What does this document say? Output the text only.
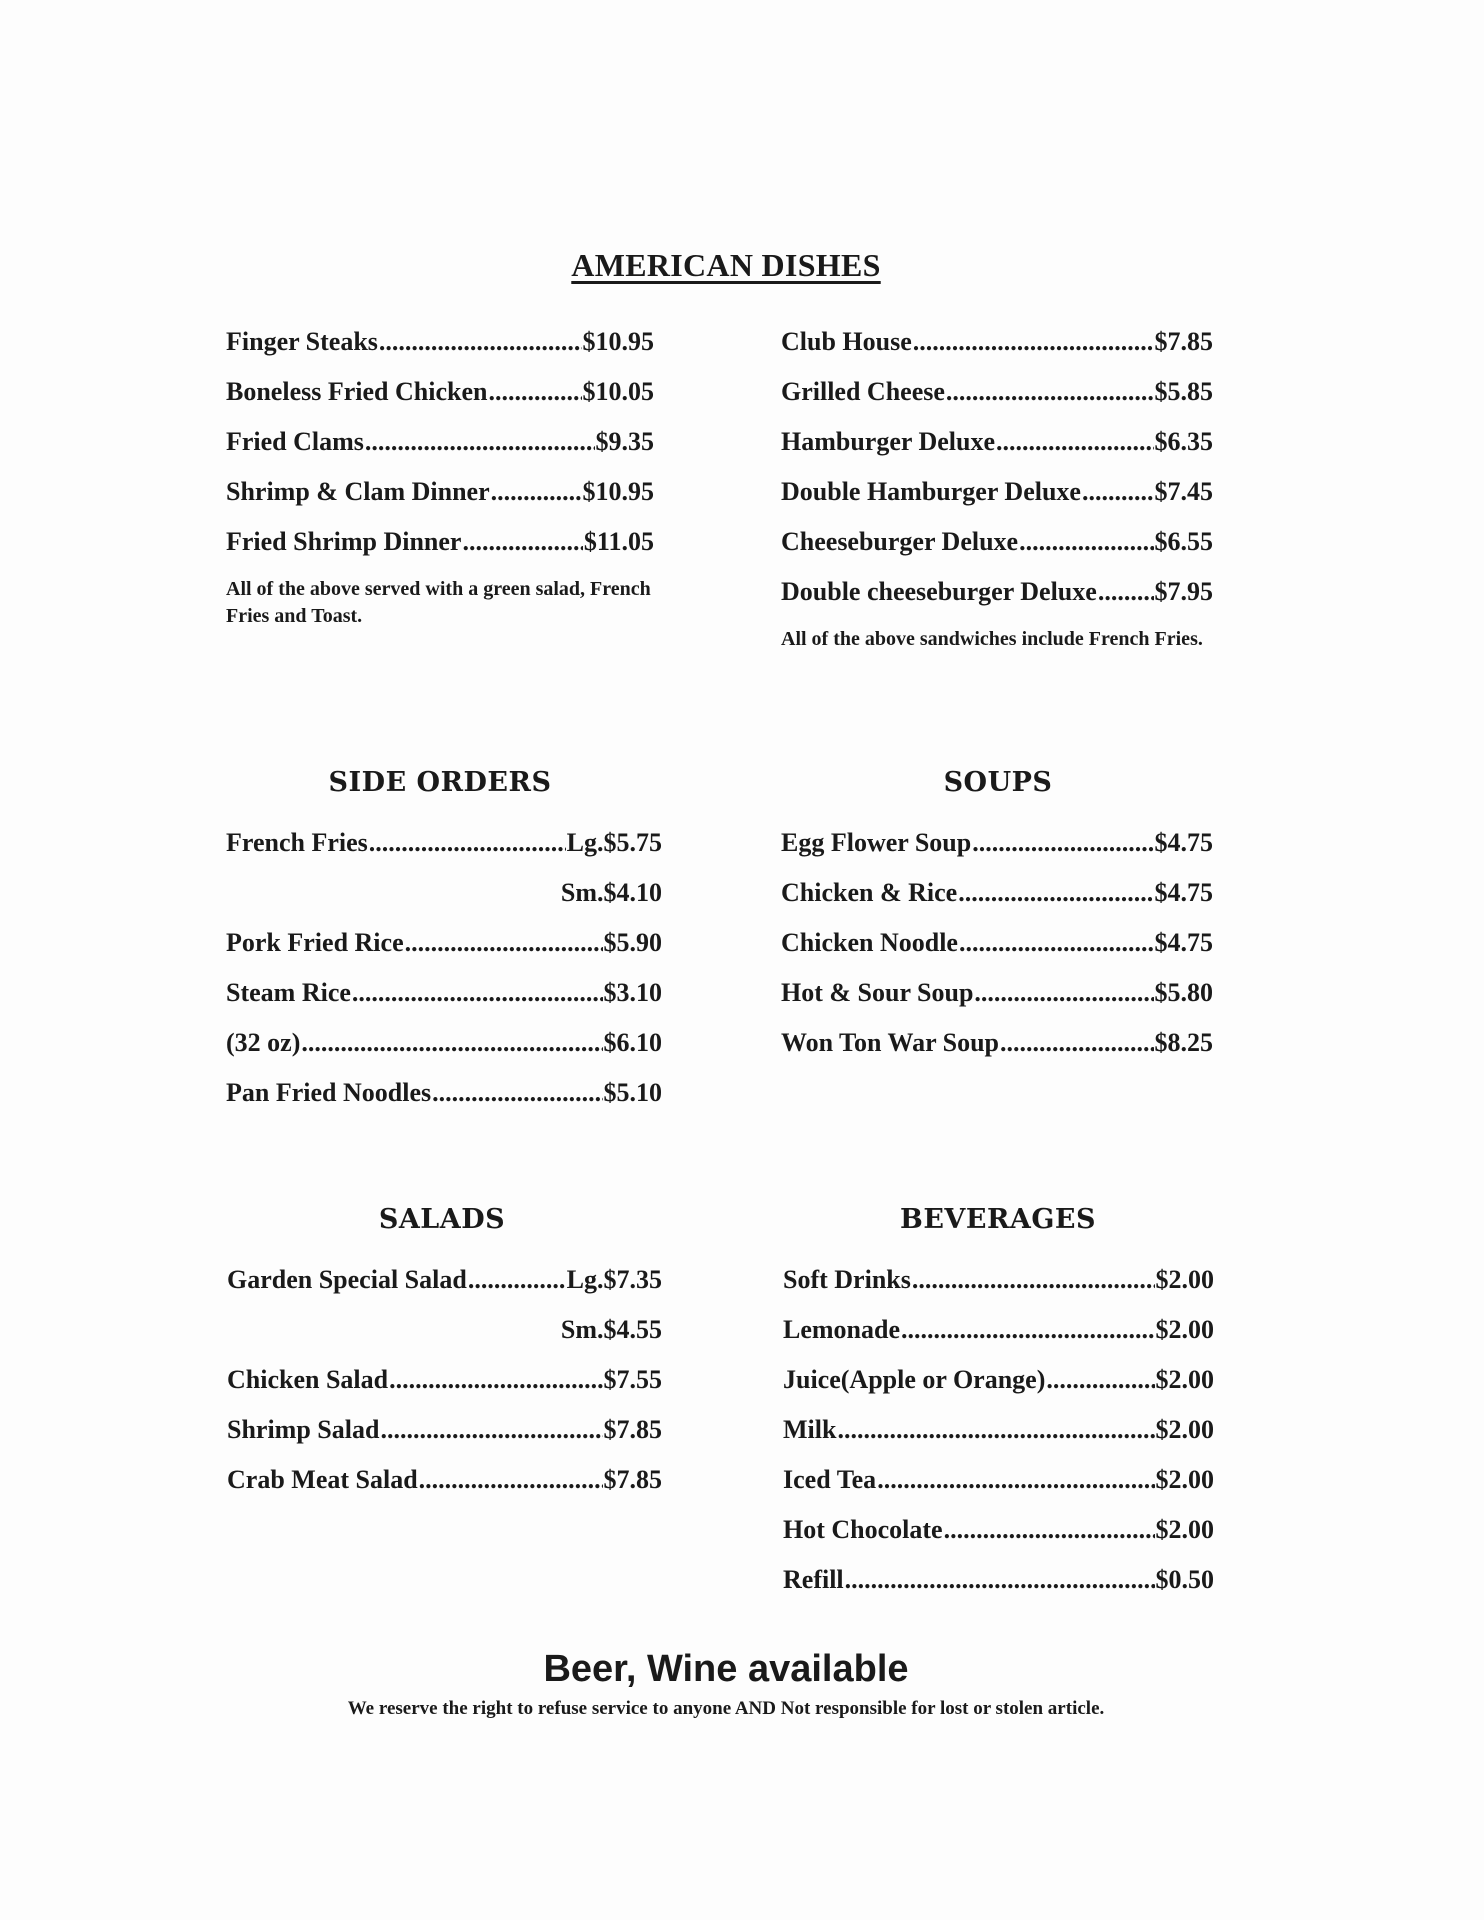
AMERICAN DISHES
Finger Steaks .....	$10.95
Boneless Fried Chicken .....	$10.05
Fried Clams .....	$9.35
Shrimp & Clam Dinner .....	$10.95
Fried Shrimp Dinner .....	$11.05
All of the above served with a green salad, French Fries and Toast.
Club House .....	$7.85
Grilled Cheese .....	$5.85
Hamburger Deluxe .....	$6.35
Double Hamburger Deluxe .....	$7.45
Cheeseburger Deluxe .....	$6.55
Double cheeseburger Deluxe ..... $7.95
All of the above sandwiches include French Fries.
SIDE ORDERS	SOUPS
SALADS	BEVERAGES
French Fries .....	Lg.$5.75
Sm.$4.10
Pork Fried Rice .....	$5.90
Steam Rice .....	$3.10
(32 oz) .....	$6.10
Pan Fried Noodles .....	$5.10
Egg Flower Soup .....	$4.75
Chicken & Rice .....	$4.75
Chicken Noodle .....	$4.75
Hot & Sour Soup .....	$5.80
Won Ton War Soup .....	$8.25
Garden Special Salad .....	Lg.$7.35
Sm.$4.55
Chicken Salad .....	$7.55
Shrimp Salad .....	$7.85
Crab Meat Salad .....	$7.85
Soft Drinks .....	$2.00
Lemonade .....	$2.00
Juice(Apple or Orange) .....	$2.00
Milk .....	$2.00
Iced Tea .....	$2.00
Hot Chocolate .....	$2.00
Refill .....	$0.50
Beer, Wine available
We reserve the right to refuse service to anyone AND Not responsible for lost or stolen article.
